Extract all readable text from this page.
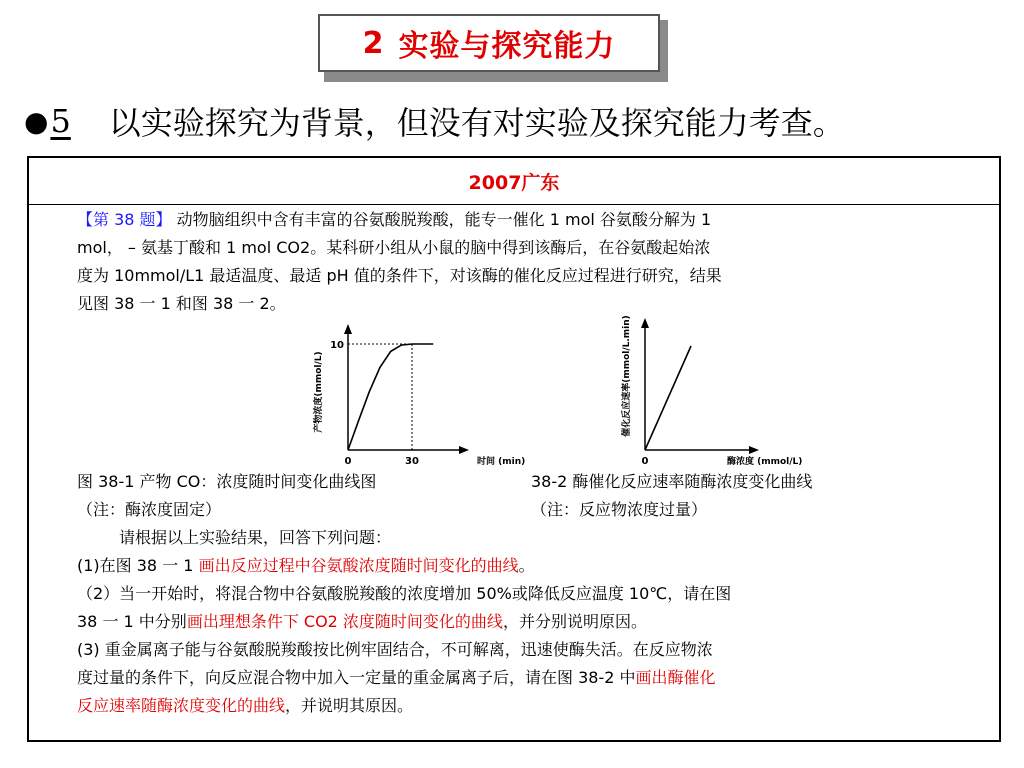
2 实验与探究能力
● 5	以实验探究为背景，但没有对实验及探究能力考查。
2007广东
【第 38 题】 动物脑组织中含有丰富的谷氨酸脱羧酸，能专一催化 1 mol 谷氨酸分解为 1
mol， – 氨基丁酸和 1 mol CO2。某科研小组从小鼠的脑中得到该酶后，在谷氨酸起始浓
度为 10mmol/L1 最适温度、最适 pH 值的条件下，对该酶的催化反应过程进行研究，结果
见图 38 一 1 和图 38 一 2。
产物浓度(mmol/L)
10
0	30	时间 (min)
催化反应速率(mmol/L.min)
0	酶浓度 (mmol/L)
图 38-1 产物 CO：浓度随时间变化曲线图	38-2 酶催化反应速率随酶浓度变化曲线
（注：酶浓度固定）	（注：反应物浓度过量）
请根据以上实验结果，回答下列问题：
(1)在图 38 一 1 画出反应过程中谷氨酸浓度随时间变化的曲线。
（2）当一开始时，将混合物中谷氨酸脱羧酸的浓度增加 50%或降低反应温度 10℃，请在图
38 一 1 中分别画出理想条件下 CO2 浓度随时间变化的曲线，并分别说明原因。
(3) 重金属离子能与谷氨酸脱羧酸按比例牢固结合，不可解离，迅速使酶失活。在反应物浓
度过量的条件下，向反应混合物中加入一定量的重金属离子后，请在图 38-2 中画出酶催化
反应速率随酶浓度变化的曲线，并说明其原因。
